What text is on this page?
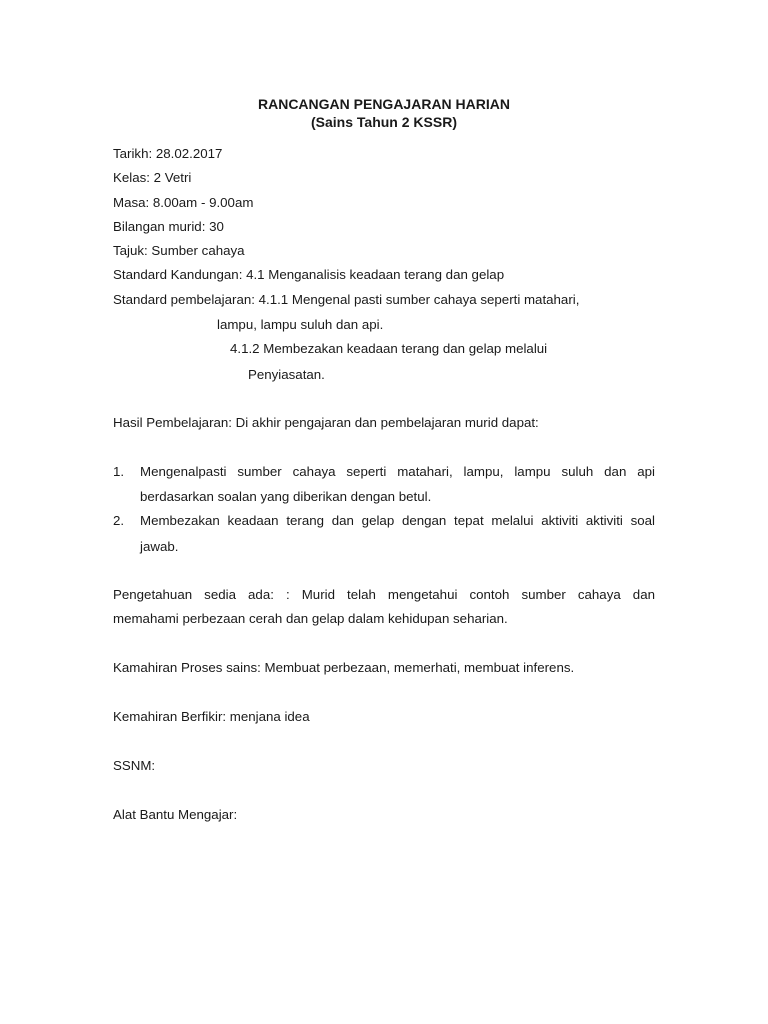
RANCANGAN PENGAJARAN HARIAN
(Sains Tahun 2 KSSR)
Tarikh: 28.02.2017
Kelas: 2 Vetri
Masa: 8.00am - 9.00am
Bilangan murid: 30
Tajuk: Sumber cahaya
Standard Kandungan: 4.1 Menganalisis keadaan terang dan gelap
Standard pembelajaran: 4.1.1 Mengenal pasti sumber cahaya seperti matahari,
lampu, lampu suluh dan api.
4.1.2 Membezakan keadaan terang dan gelap melalui
Penyiasatan.
Hasil Pembelajaran: Di akhir pengajaran dan pembelajaran murid dapat:
1.	Mengenalpasti sumber cahaya seperti matahari, lampu, lampu suluh dan api
berdasarkan soalan yang diberikan dengan betul.
2.	Membezakan keadaan terang dan gelap dengan tepat melalui aktiviti aktiviti soal
jawab.
Pengetahuan sedia ada: : Murid telah mengetahui contoh sumber cahaya dan
memahami perbezaan cerah dan gelap dalam kehidupan seharian.
Kamahiran Proses sains: Membuat perbezaan, memerhati, membuat inferens.
Kemahiran Berfikir: menjana idea
SSNM:
Alat Bantu Mengajar:
